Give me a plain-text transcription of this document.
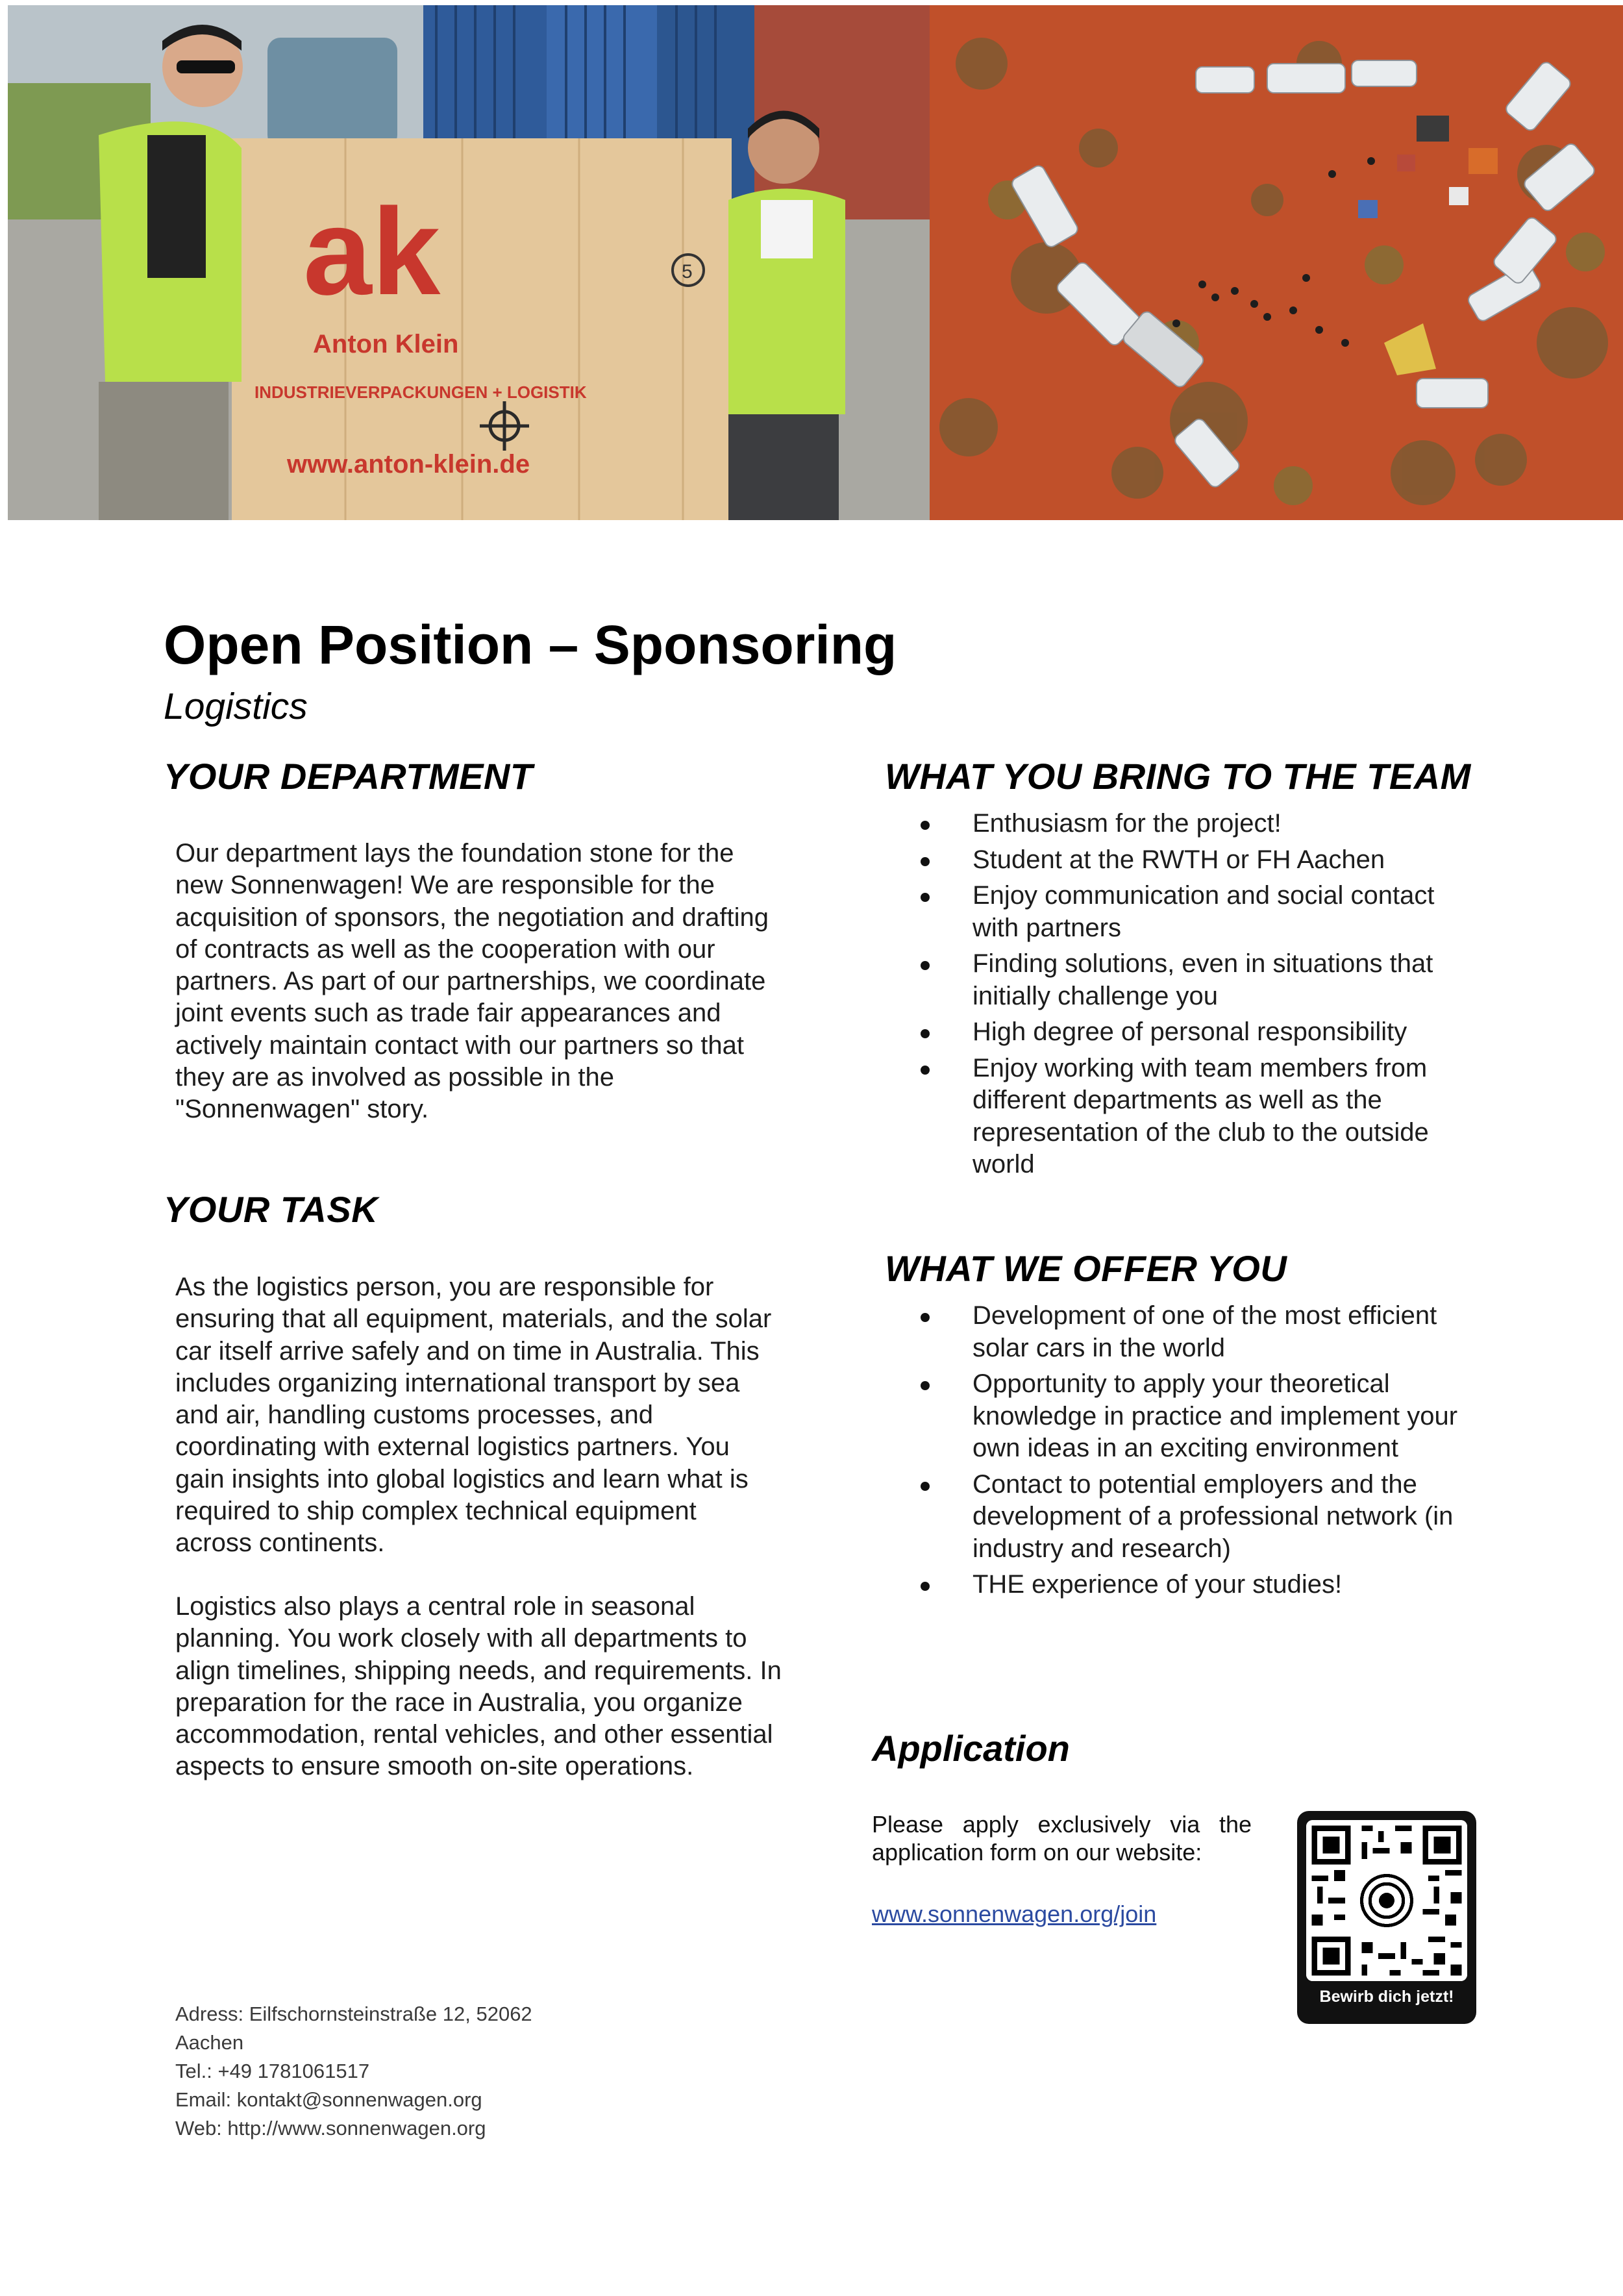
ak
Anton Klein
INDUSTRIEVERPACKUNGEN + LOGISTIK
www.anton-klein.de
5
Open Position – Sponsoring
Logistics
YOUR DEPARTMENT

Our department lays the foundation stone for the

new Sonnenwagen! We are responsible for the

acquisition of sponsors, the negotiation and drafting

of contracts as well as the cooperation with our

partners. As part of our partnerships, we coordinate

joint events such as trade fair appearances and

actively maintain contact with our partners so that

they are as involved as possible in the

"Sonnenwagen" story.

YOUR TASK

As the logistics person, you are responsible for

ensuring that all equipment, materials, and the solar

car itself arrive safely and on time in Australia. This

includes organizing international transport by sea

and air, handling customs processes, and

coordinating with external logistics partners. You

gain insights into global logistics and learn what is

required to ship complex technical equipment

across continents.

Logistics also plays a central role in seasonal

planning. You work closely with all departments to

align timelines, shipping needs, and requirements. In

preparation for the race in Australia, you organize

accommodation, rental vehicles, and other essential

aspects to ensure smooth on-site operations.

WHAT YOU BRING TO THE TEAM
Enthusiasm for the project!
Student at the RWTH or FH Aachen
Enjoy communication and social contact
with partners
Finding solutions, even in situations that
initially challenge you
High degree of personal responsibility
Enjoy working with team members from
different departments as well as the
representation of the club to the outside
world
WHAT WE OFFER YOU
Development of one of the most efficient
solar cars in the world
Opportunity to apply your theoretical
knowledge in practice and implement your
own ideas in an exciting environment
Contact to potential employers and the
development of a professional network (in
industry and research)
THE experience of your studies!
Application
Please apply exclusively via the application form on our website:
www.sonnenwagen.org/join
Bewirb dich jetzt!
Adress: Eilfschornsteinstraße 12, 52062
Aachen
Tel.: +49 1781061517
Email: kontakt@sonnenwagen.org
Web: http://www.sonnenwagen.org
